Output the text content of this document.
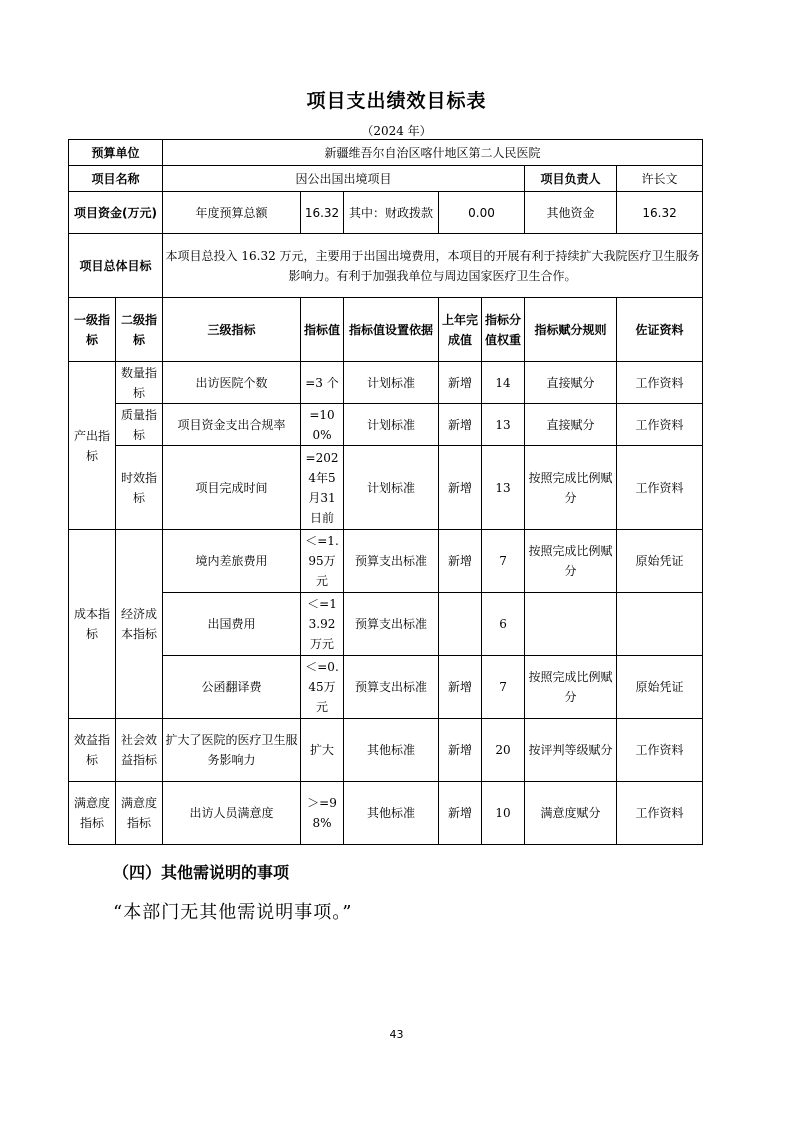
项目支出绩效目标表
（2024 年）
预算单位		新疆维吾尔自治区喀什地区第二人民医院						
项目名称		因公出国出境项目					项目负责人	许长文
项目资金(万元)		年度预算总额	16.32	其中：财政拨款	0.00		其他资金	16.32
项目总体目标		本项目总投入 16.32 万元，主要用于出国出境费用，本项目的开展有利于持续扩大我院医疗卫生服务影响力。有利于加强我单位与周边国家医疗卫生合作。						
一级指标	二级指标	三级指标	指标值	指标值设置依据	上年完成值	指标分值权重	指标赋分规则	佐证资料
产出指标	数量指标	出访医院个数	=3 个	计划标准	新增	14	直接赋分	工作资料
	质量指标	项目资金支出合规率	=100%	计划标准	新增	13	直接赋分	工作资料
	时效指标	项目完成时间	=2024年5月31日前	计划标准	新增	13	按照完成比例赋分	工作资料
成本指标	经济成本指标	境内差旅费用	＜=1.95万元	预算支出标准	新增	7	按照完成比例赋分	原始凭证
		出国费用	＜=13.92万元	预算支出标准		6		
		公函翻译费	＜=0.45万元	预算支出标准	新增	7	按照完成比例赋分	原始凭证
效益指标	社会效益指标	扩大了医院的医疗卫生服务影响力	扩大	其他标准	新增	20	按评判等级赋分	工作资料
满意度指标	满意度指标	出访人员满意度	＞=98%	其他标准	新增	10	满意度赋分	工作资料
（四）其他需说明的事项
“本部门无其他需说明事项。”
43
